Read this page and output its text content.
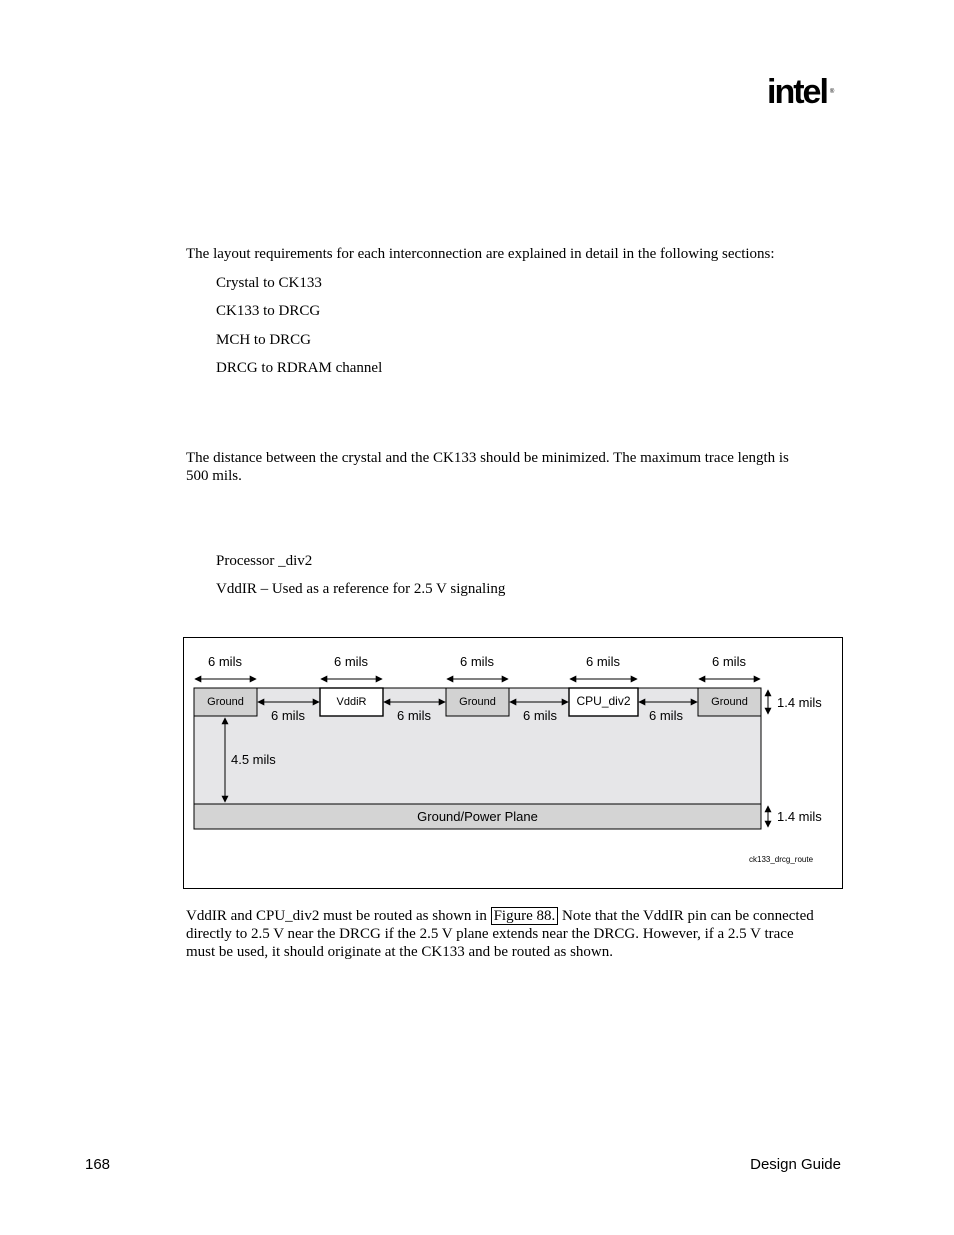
intel ®
The layout requirements for each interconnection are explained in detail in the following sections:
Crystal to CK133
CK133 to DRCG
MCH to DRCG
DRCG to RDRAM channel
The distance between the crystal and the CK133 should be minimized. The maximum trace length is
500 mils.
Processor _div2
VddIR – Used as a reference for 2.5 V signaling
Ground/Power Plane
Ground	VddiR	Ground	CPU_div2	Ground
6 mils	6 mils	6 mils	6 mils	6 mils
6 mils	6 mils	6 mils	6 mils
4.5 mils
1.4 mils
1.4 mils
ck133_drcg_route
VddIR and CPU_div2 must be routed as shown in Figure 88. Note that the VddIR pin can be connected
directly to 2.5 V near the DRCG if the 2.5 V plane extends near the DRCG. However, if a 2.5 V trace
must be used, it should originate at the CK133 and be routed as shown.
168	Design Guide
